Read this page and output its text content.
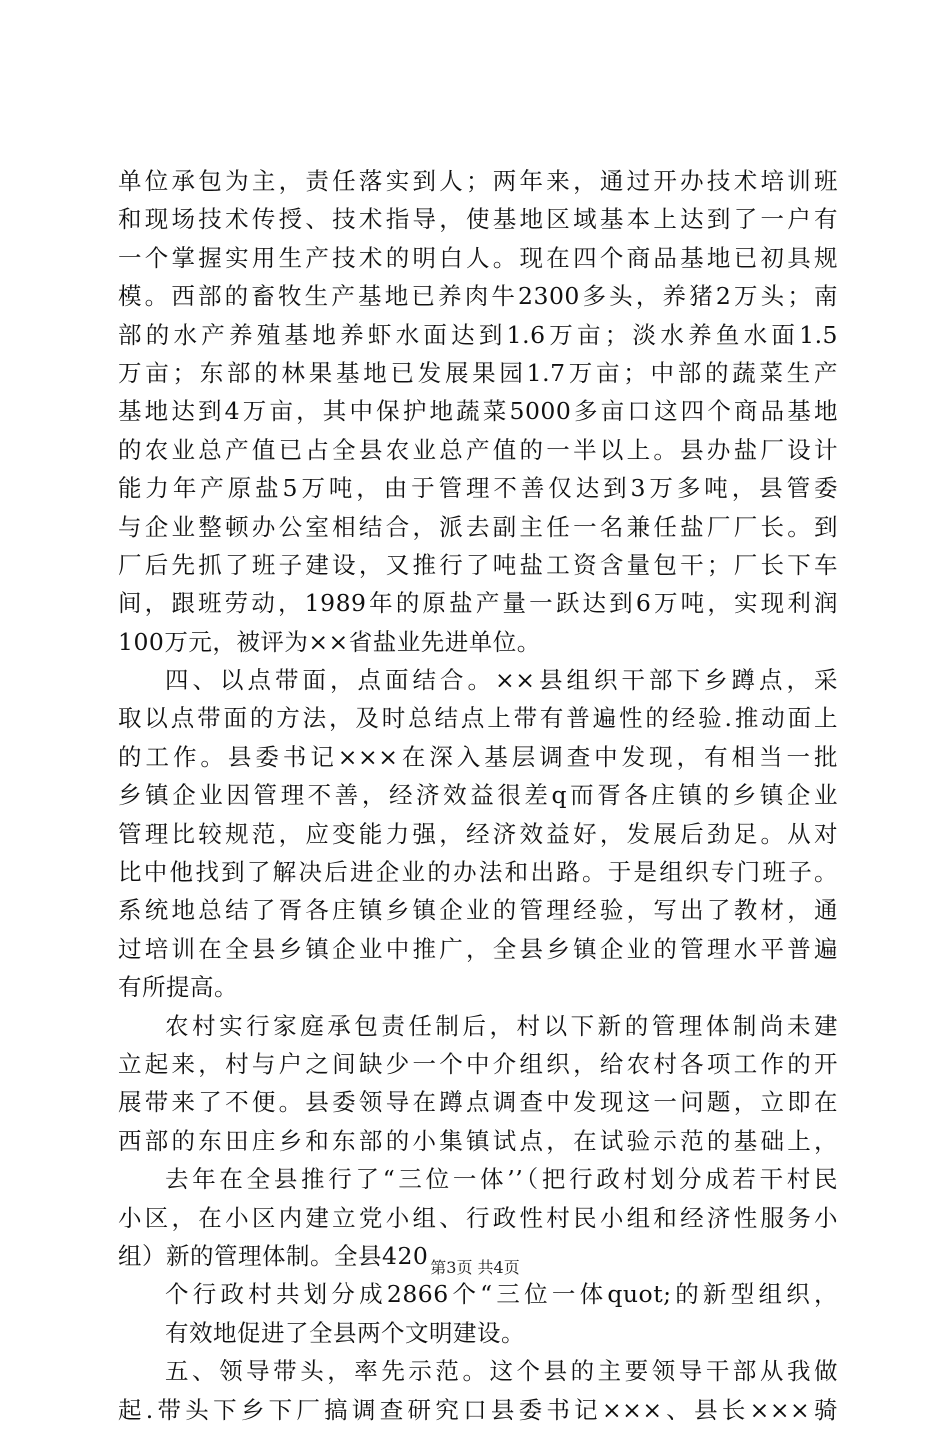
单位承包为主，责任落实到人；两年来，通过开办技术培训班
和现场技术传授、技术指导，使基地区域基本上达到了一户有
一个掌握实用生产技术的明白人。现在四个商品基地已初具规
模。西部的畜牧生产基地已养肉牛2300多头，养猪2万头；南
部的水产养殖基地养虾水面达到1.6万亩；淡水养鱼水面1.5
万亩；东部的林果基地已发展果园1.7万亩；中部的蔬菜生产
基地达到4万亩，其中保护地蔬菜5000多亩口这四个商品基地
的农业总产值已占全县农业总产值的一半以上。县办盐厂设计
能力年产原盐5万吨，由于管理不善仅达到3万多吨，县管委
与企业整顿办公室相结合，派去副主任一名兼任盐厂厂长。到
厂后先抓了班子建设，又推行了吨盐工资含量包干；厂长下车
间，跟班劳动，1989年的原盐产量一跃达到6万吨，实现利润
100万元，被评为××省盐业先进单位。
四、以点带面，点面结合。××县组织干部下乡蹲点，采
取以点带面的方法，及时总结点上带有普遍性的经验.推动面上
的工作。县委书记×××在深入基层调查中发现，有相当一批
乡镇企业因管理不善，经济效益很差q而胥各庄镇的乡镇企业
管理比较规范，应变能力强，经济效益好，发展后劲足。从对
比中他找到了解决后进企业的办法和出路。于是组织专门班子。
系统地总结了胥各庄镇乡镇企业的管理经验，写出了教材，通
过培训在全县乡镇企业中推广，全县乡镇企业的管理水平普遍
有所提高。
农村实行家庭承包责任制后，村以下新的管理体制尚未建
立起来，村与户之间缺少一个中介组织，给农村各项工作的开
展带来了不便。县委领导在蹲点调查中发现这一问题，立即在
西部的东田庄乡和东部的小集镇试点，在试验示范的基础上，
去年在全县推行了“三位一体’’（把行政村划分成若干村民
小区，在小区内建立党小组、行政性村民小组和经济性服务小
组）新的管理体制。全县420
个行政村共划分成2866个“三位一体quot;的新型组织，
有效地促进了全县两个文明建设。
五、领导带头，率先示范。这个县的主要领导干部从我做
起.带头下乡下厂搞调查研究口县委书记×××、县长×××骑
第3页 共4页
